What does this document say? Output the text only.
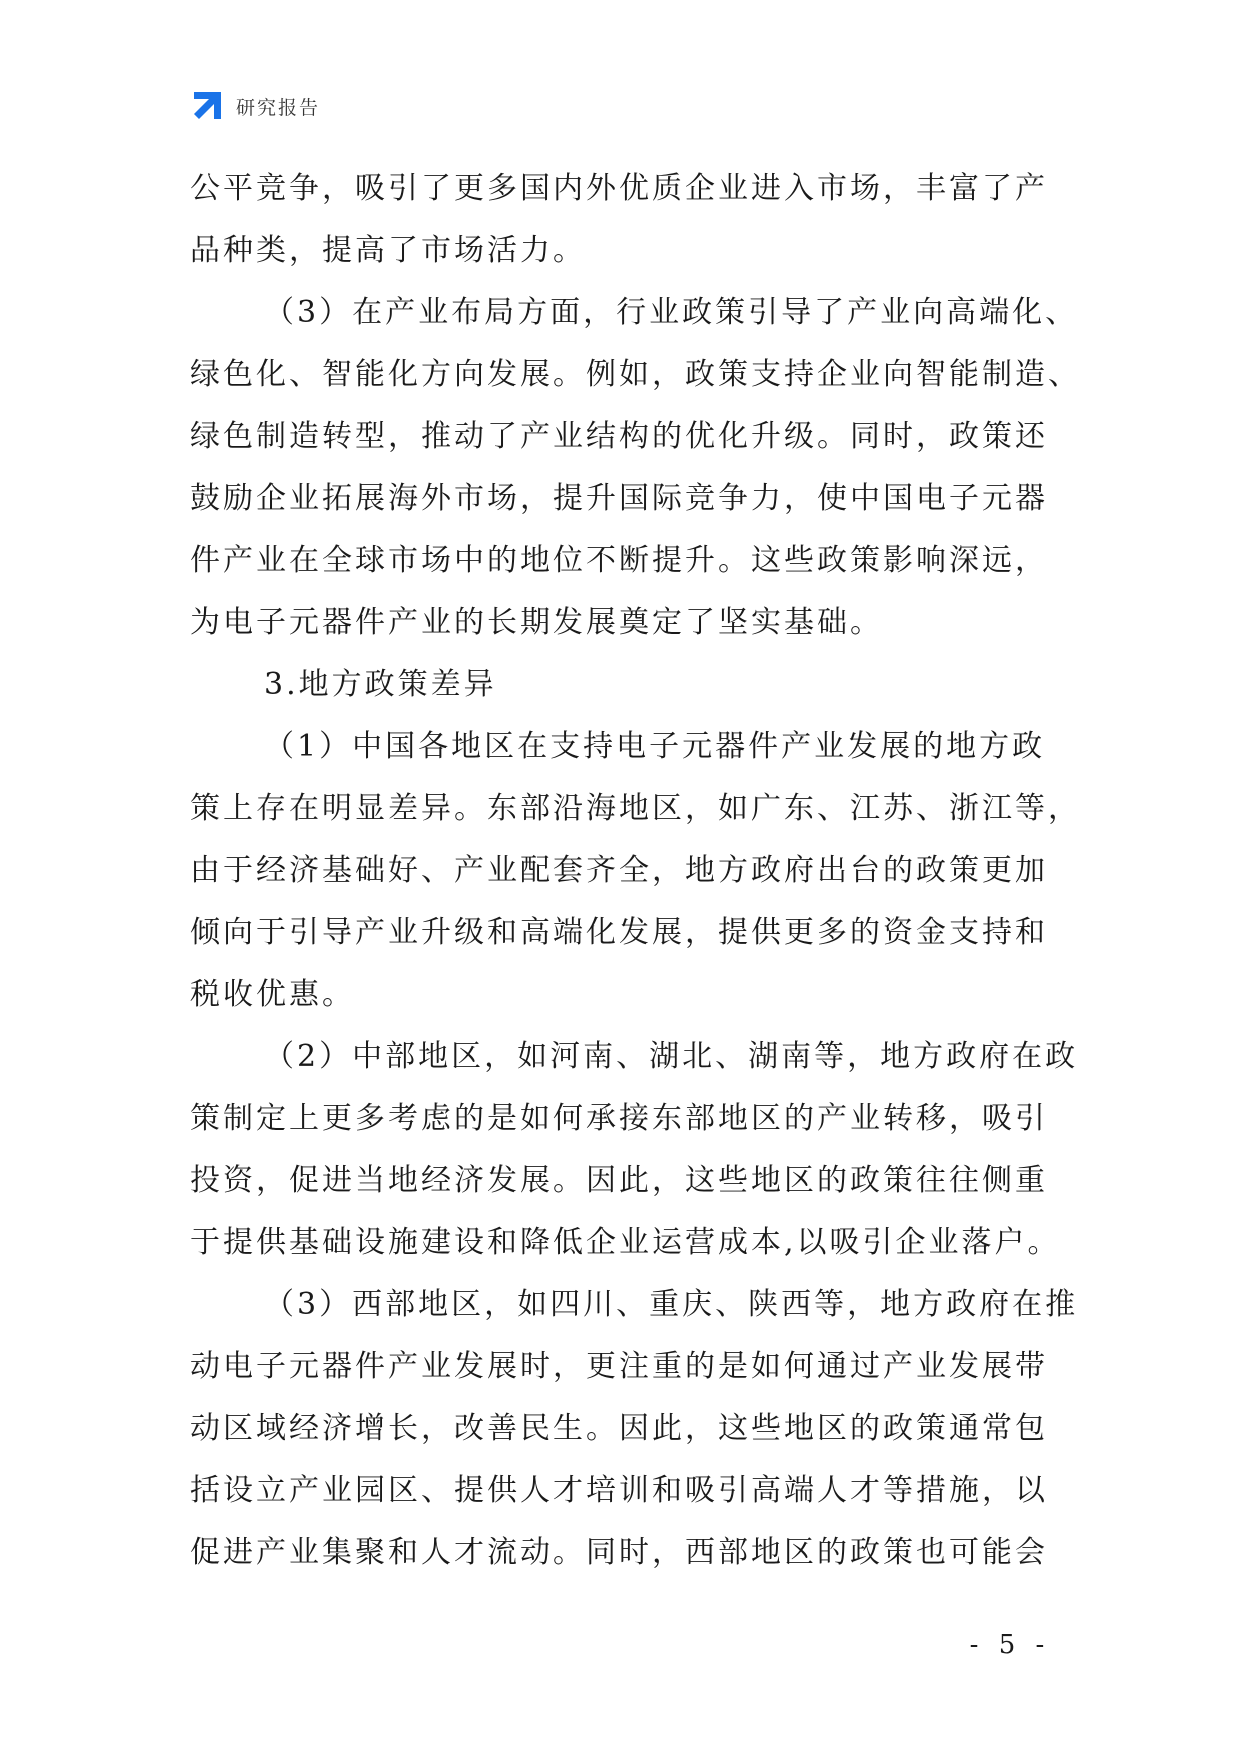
研究报告
公平竞争，吸引了更多国内外优质企业进入市场，丰富了产
品种类，提高了市场活力。
（3）在产业布局方面，行业政策引导了产业向高端化、
绿色化、智能化方向发展。例如，政策支持企业向智能制造、
绿色制造转型，推动了产业结构的优化升级。同时，政策还
鼓励企业拓展海外市场，提升国际竞争力，使中国电子元器
件产业在全球市场中的地位不断提升。这些政策影响深远，
为电子元器件产业的长期发展奠定了坚实基础。
3.地方政策差异
（1）中国各地区在支持电子元器件产业发展的地方政
策上存在明显差异。东部沿海地区，如广东、江苏、浙江等，
由于经济基础好、产业配套齐全，地方政府出台的政策更加
倾向于引导产业升级和高端化发展，提供更多的资金支持和
税收优惠。
（2）中部地区，如河南、湖北、湖南等，地方政府在政
策制定上更多考虑的是如何承接东部地区的产业转移，吸引
投资，促进当地经济发展。因此，这些地区的政策往往侧重
于提供基础设施建设和降低企业运营成本,以吸引企业落户。
（3）西部地区，如四川、重庆、陕西等，地方政府在推
动电子元器件产业发展时，更注重的是如何通过产业发展带
动区域经济增长，改善民生。因此，这些地区的政策通常包
括设立产业园区、提供人才培训和吸引高端人才等措施，以
促进产业集聚和人才流动。同时，西部地区的政策也可能会
- 5 -
